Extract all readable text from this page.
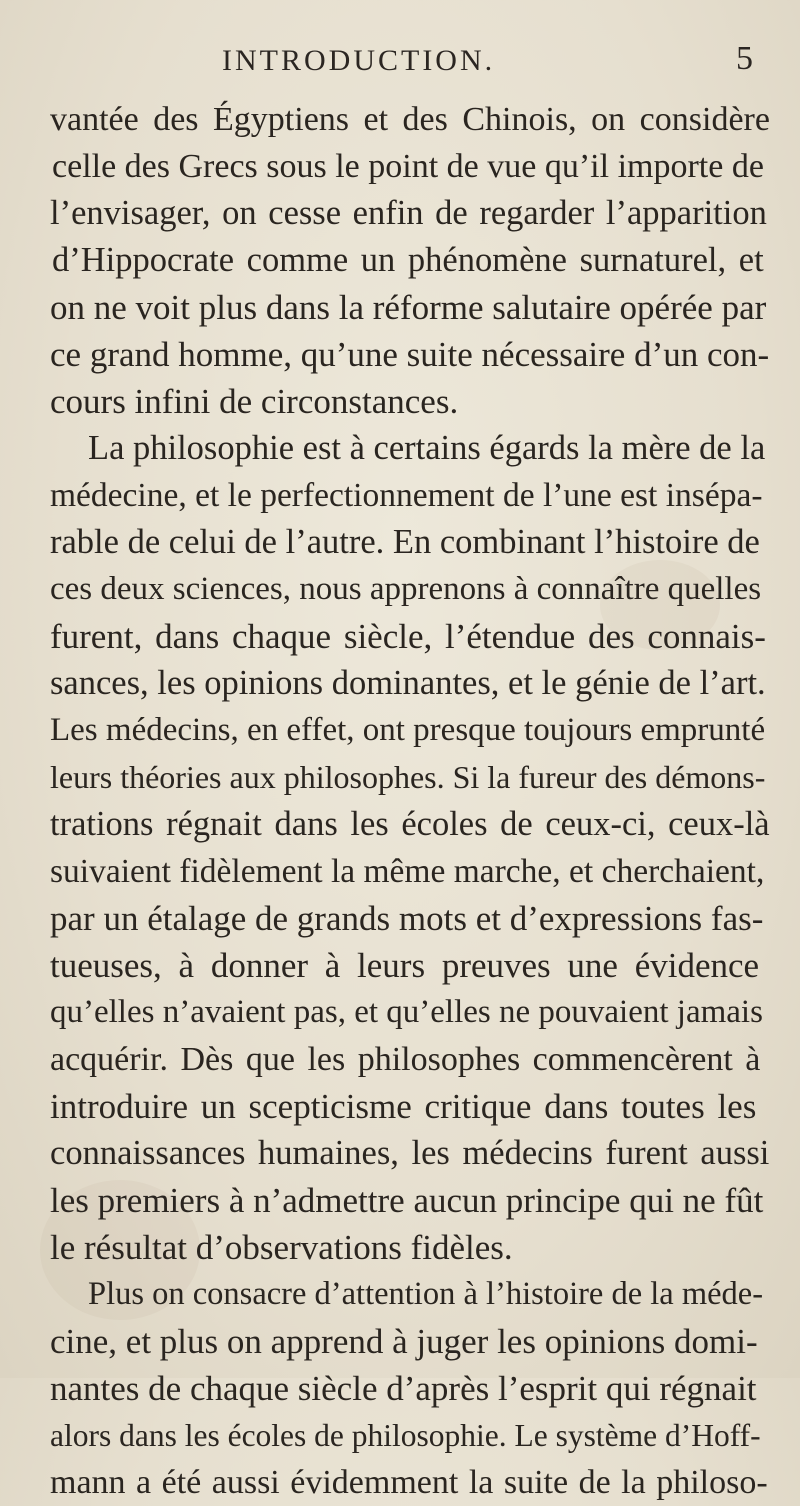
INTRODUCTION.	5
vantée des Égyptiens et des Chinois, on considère
celle des Grecs sous le point de vue qu’il importe de
l’envisager, on cesse enfin de regarder l’apparition
d’Hippocrate comme un phénomène surnaturel, et
on ne voit plus dans la réforme salutaire opérée par
ce grand homme, qu’une suite nécessaire d’un con-
cours infini de circonstances.
La philosophie est à certains égards la mère de la
médecine, et le perfectionnement de l’une est insépa-
rable de celui de l’autre. En combinant l’histoire de
ces deux sciences, nous apprenons à connaître quelles
furent, dans chaque siècle, l’étendue des connais-
sances, les opinions dominantes, et le génie de l’art.
Les médecins, en effet, ont presque toujours emprunté
leurs théories aux philosophes. Si la fureur des démons-
trations régnait dans les écoles de ceux-ci, ceux-là
suivaient fidèlement la même marche, et cherchaient,
par un étalage de grands mots et d’expressions fas-
tueuses, à donner à leurs preuves une évidence
qu’elles n’avaient pas, et qu’elles ne pouvaient jamais
acquérir. Dès que les philosophes commencèrent à
introduire un scepticisme critique dans toutes les
connaissances humaines, les médecins furent aussi
les premiers à n’admettre aucun principe qui ne fût
le résultat d’observations fidèles.
Plus on consacre d’attention à l’histoire de la méde-
cine, et plus on apprend à juger les opinions domi-
nantes de chaque siècle d’après l’esprit qui régnait
alors dans les écoles de philosophie. Le système d’Hoff-
mann a été aussi évidemment la suite de la philoso-
